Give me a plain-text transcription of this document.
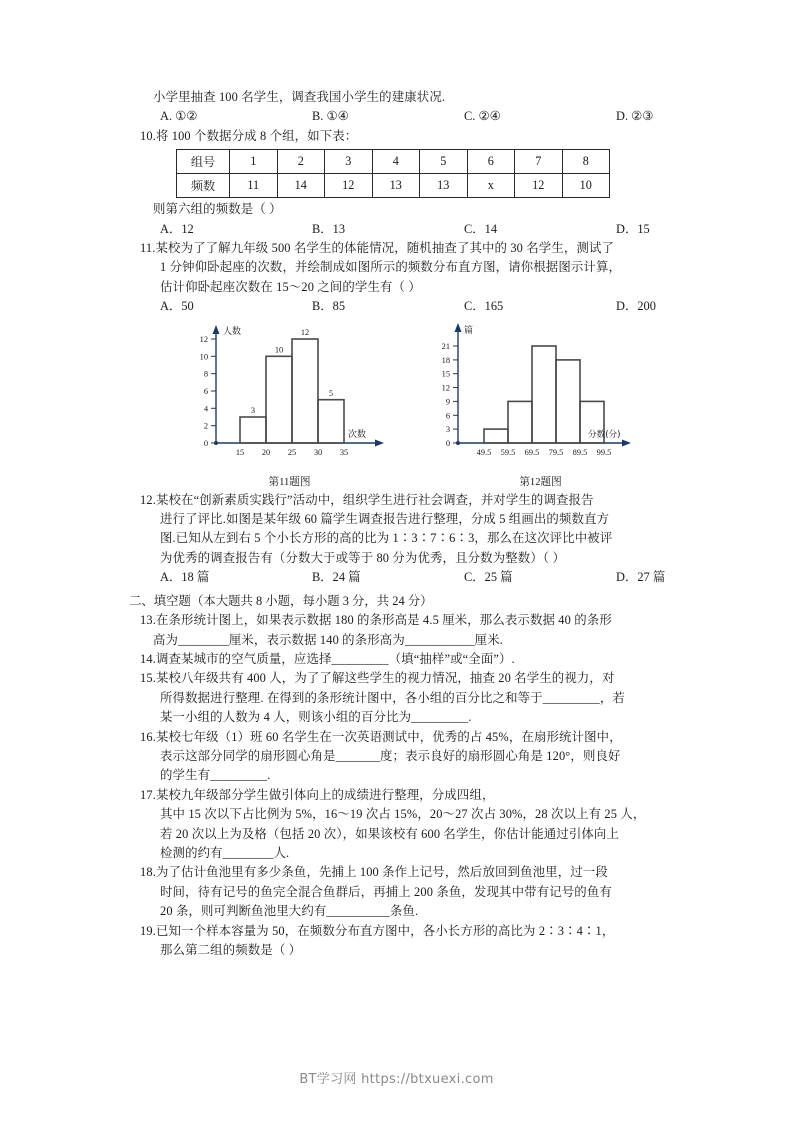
小学里抽查 100 名学生，调查我国小学生的建康状况.
A. ①②	B. ①④	C. ②④	D. ②③
10. 将 100 个数据分成 8 个组，如下表：
组号	1	2	3	4	5	6	7	8
频数	11	14	12	13	13	x	12	10
则第六组的频数是（ ）
A．12	B．13	C．14	D．15
11. 某校为了了解九年级 500 名学生的体能情况，随机抽查了其中的 30 名学生，测试了
1 分钟仰卧起座的次数，并绘制成如图所示的频数分布直方图，请你根据图示计算，
估计仰卧起座次数在 15～20 之间的学生有（ ）
A．50	B．85	C．165	D．200
0
2
4
6
8
10
12
人数
3
10
12
5
15 20 25 30 35
次数
第11题图
0
3
6
9
12
15
18
21
篇
49.5 59.5 69.5 79.5 89.5 99.5
分数(分)
第12题图
12. 某校在“创新素质实践行”活动中，组织学生进行社会调查，并对学生的调查报告
进行了评比.如图是某年级 60 篇学生调查报告进行整理，分成 5 组画出的频数直方
图.已知从左到右 5 个小长方形的高的比为 1∶3∶7∶6∶3，那么在这次评比中被评
为优秀的调查报告有（分数大于或等于 80 分为优秀，且分数为整数）（ ）
A．18 篇	B．24 篇	C．25 篇	D．27 篇
二、填空题（本大题共 8 小题，每小题 3 分，共 24 分）
13. 在条形统计图上，如果表示数据 180 的条形高是 4.5 厘米，那么表示数据 40 的条形
高为________厘米，表示数据 140 的条形高为___________厘米.
14. 调查某城市的空气质量，应选择_________（填“抽样”或“全面”）.
15. 某校八年级共有 400 人，为了了解这些学生的视力情况，抽查 20 名学生的视力，对
所得数据进行整理. 在得到的条形统计图中，各小组的百分比之和等于_________，若
某一小组的人数为 4 人，则该小组的百分比为_________.
16. 某校七年级（1）班 60 名学生在一次英语测试中，优秀的占 45%，在扇形统计图中，
表示这部分同学的扇形圆心角是_______度；表示良好的扇形圆心角是 120°，则良好
的学生有_________.
17. 某校九年级部分学生做引体向上的成绩进行整理，分成四组，
其中 15 次以下占比例为 5%，16～19 次占 15%，20～27 次占 30%，28 次以上有 25 人，
若 20 次以上为及格（包括 20 次），如果该校有 600 名学生，你估计能通过引体向上
检测的约有________人.
18. 为了估计鱼池里有多少条鱼，先捕上 100 条作上记号，然后放回到鱼池里，过一段
时间，待有记号的鱼完全混合鱼群后，再捕上 200 条鱼，发现其中带有记号的鱼有
20 条，则可判断鱼池里大约有__________条鱼.
19. 已知一个样本容量为 50，在频数分布直方图中，各小长方形的高比为 2∶3∶4∶1，
那么第二组的频数是（ ）
BT学习网 https://btxuexi.com
